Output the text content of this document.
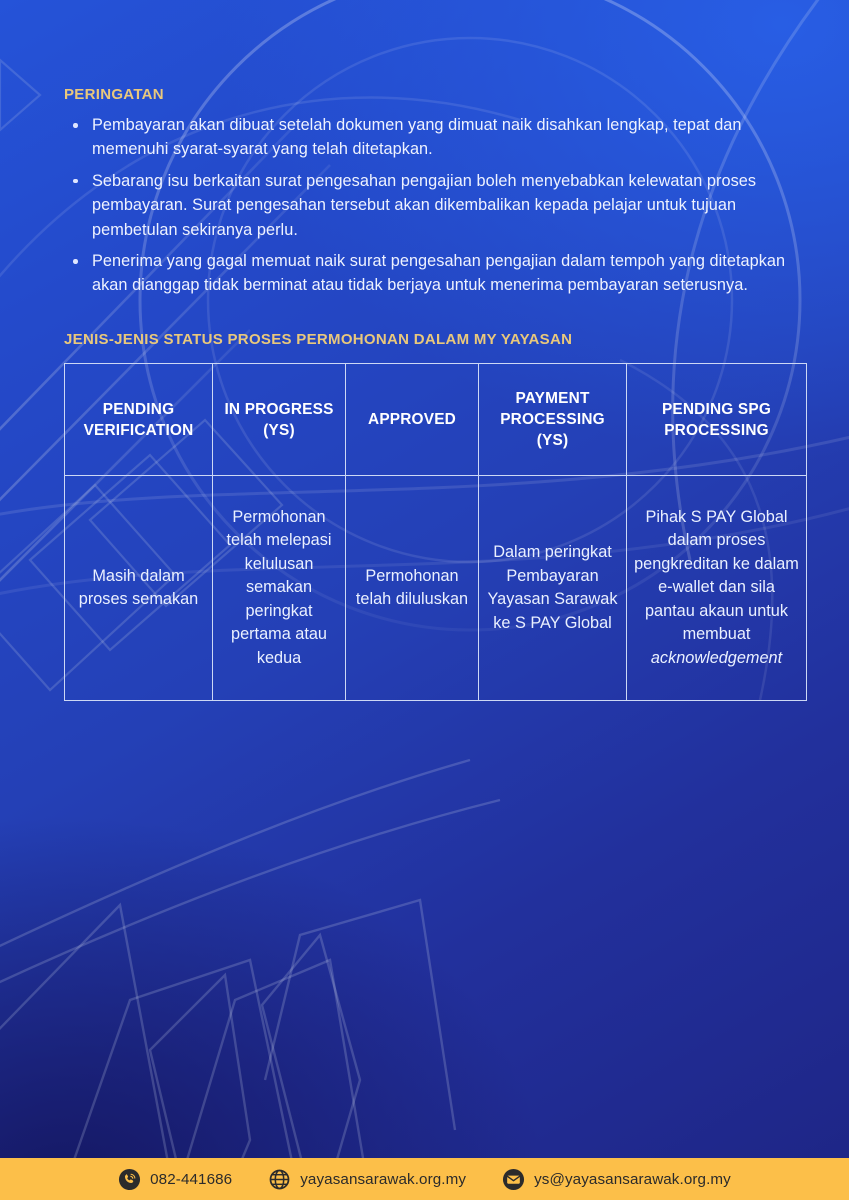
PERINGATAN
Pembayaran akan dibuat setelah dokumen yang dimuat naik disahkan lengkap, tepat dan memenuhi syarat-syarat yang telah ditetapkan.
Sebarang isu berkaitan surat pengesahan pengajian boleh menyebabkan kelewatan proses pembayaran. Surat pengesahan tersebut akan dikembalikan kepada pelajar untuk tujuan pembetulan sekiranya perlu.
Penerima yang gagal memuat naik surat pengesahan pengajian dalam tempoh yang ditetapkan akan dianggap tidak berminat atau tidak berjaya untuk menerima pembayaran seterusnya.
JENIS-JENIS STATUS PROSES PERMOHONAN DALAM MY YAYASAN
PENDING VERIFICATION	IN PROGRESS (YS)	APPROVED	PAYMENT PROCESSING (YS)	PENDING SPG PROCESSING
Masih dalam proses semakan	Permohonan telah melepasi kelulusan semakan peringkat pertama atau kedua	Permohonan telah diluluskan	Dalam peringkat Pembayaran Yayasan Sarawak ke S PAY Global	Pihak S PAY Global dalam proses pengkreditan ke dalam e-wallet dan sila pantau akaun untuk membuat acknowledgement
082-441686	yayasansarawak.org.my	ys@yayasansarawak.org.my
